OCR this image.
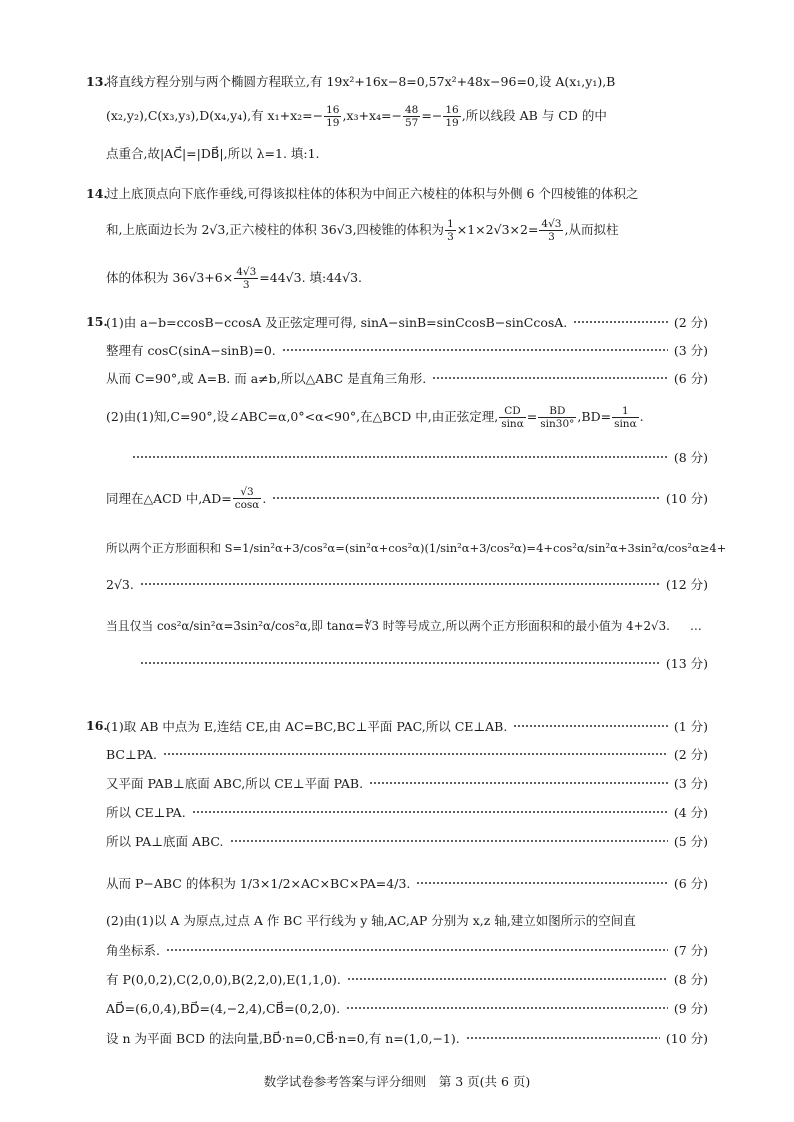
13.
将直线方程分别与两个椭圆方程联立,有 19x²+16x−8=0,57x²+48x−96=0,设 A(x₁,y₁),B
(x₂,y₂),C(x₃,y₃),D(x₄,y₄),有 $x_1+x_2=- \frac{16}{19} ,x_3+x_4=- \frac{48}{57} =- \frac{16}{19}$ ,所以线段 AB 与 CD 的中
点重合,故|AC⃗|=|DB⃗|,所以 λ=1. 填:1.
14.
过上底顶点向下底作垂线,可得该拟柱体的体积为中间正六棱柱的体积与外侧 6 个四棱锥的体积之
和,上底面边长为 2√3,正六棱柱的体积 36√3,四棱锥的体积为 $\frac{1}{3} \times 1\times 2√3\times 2= \frac{4√3}{3}$ ,从而拟柱
体的体积为 $36√3+6\times \frac{4√3}{3} =44√3$. 填:44√3.
15.
(1)由 a−b=ccosB−ccosA 及正弦定理可得, sinA−sinB=sinCcosB−sinCcosA.	(2 分)
整理有 cosC(sinA−sinB)=0.	(3 分)
从而 C=90°,或 A=B. 而 a≠b,所以△ABC 是直角三角形.	(6 分)
(2)由(1)知,C=90°,设∠ABC=α,0°<α<90°,在△BCD 中,由正弦定理, $\frac{CD}{\sin\alpha} = \frac{BD}{\sin 30^\circ} ,BD= \frac{1}{\sin\alpha}$ .
(8 分)
同理在△ACD 中$,AD= \frac{√3}{\cos\alpha}$ .	(10 分)
所以两个正方形面积和 S=1/sin²α+3/cos²α=(sin²α+cos²α)(1/sin²α+3/cos²α)=4+cos²α/sin²α+3sin²α/cos²α≥4+
2√3.	(12 分)
当且仅当 cos²α/sin²α=3sin²α/cos²α,即 tanα=∜3 时等号成立,所以两个正方形面积和的最小值为 4+2√3. …
(13 分)
16.
(1)取 AB 中点为 E,连结 CE,由 AC=BC,BC⊥平面 PAC,所以 CE⊥AB.	(1 分)
BC⊥PA.	(2 分)
又平面 PAB⊥底面 ABC,所以 CE⊥平面 PAB.	(3 分)
所以 CE⊥PA.	(4 分)
所以 PA⊥底面 ABC.	(5 分)
从而 P−ABC 的体积为 1/3×1/2×AC×BC×PA=4/3.	(6 分)
(2)由(1)以 A 为原点,过点 A 作 BC 平行线为 y 轴,AC,AP 分别为 x,z 轴,建立如图所示的空间直
角坐标系.	(7 分)
有 P(0,0,2),C(2,0,0),B(2,2,0),E(1,1,0).	(8 分)
AD⃗=(6,0,4),BD⃗=(4,−2,4),CB⃗=(0,2,0).	(9 分)
设 n 为平面 BCD 的法向量,BD⃗·n=0,CB⃗·n=0,有 n=(1,0,−1).	(10 分)
数学试卷参考答案与评分细则　第 3 页(共 6 页)
